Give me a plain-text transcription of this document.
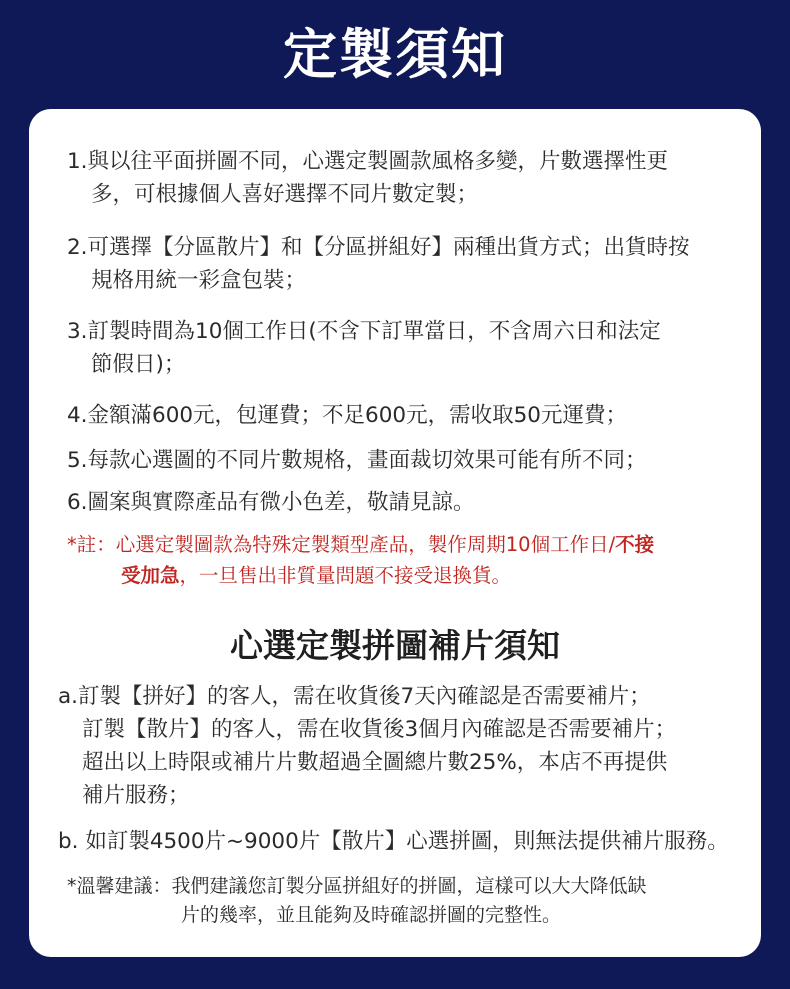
定製須知
1.與以往平面拼圖不同，心選定製圖款風格多變，片數選擇性更
多，可根據個人喜好選擇不同片數定製；
2.可選擇【分區散片】和【分區拼組好】兩種出貨方式；出貨時按
規格用統一彩盒包裝；
3.訂製時間為10個工作日(不含下訂單當日，不含周六日和法定
節假日)；
4.金額滿600元，包運費；不足600元，需收取50元運費；
5.每款心選圖的不同片數規格，畫面裁切效果可能有所不同；
6.圖案與實際產品有微小色差，敬請見諒。
*註：心選定製圖款為特殊定製類型產品，製作周期10個工作日/不接
受加急，一旦售出非質量問題不接受退換貨。
心選定製拼圖補片須知
a.訂製【拼好】的客人，需在收貨後7天內確認是否需要補片；
訂製【散片】的客人，需在收貨後3個月內確認是否需要補片；
超出以上時限或補片片數超過全圖總片數25%，本店不再提供
補片服務；
b. 如訂製4500片~9000片【散片】心選拼圖，則無法提供補片服務。
*溫馨建議：我們建議您訂製分區拼組好的拼圖，這樣可以大大降低缺
片的幾率，並且能夠及時確認拼圖的完整性。
